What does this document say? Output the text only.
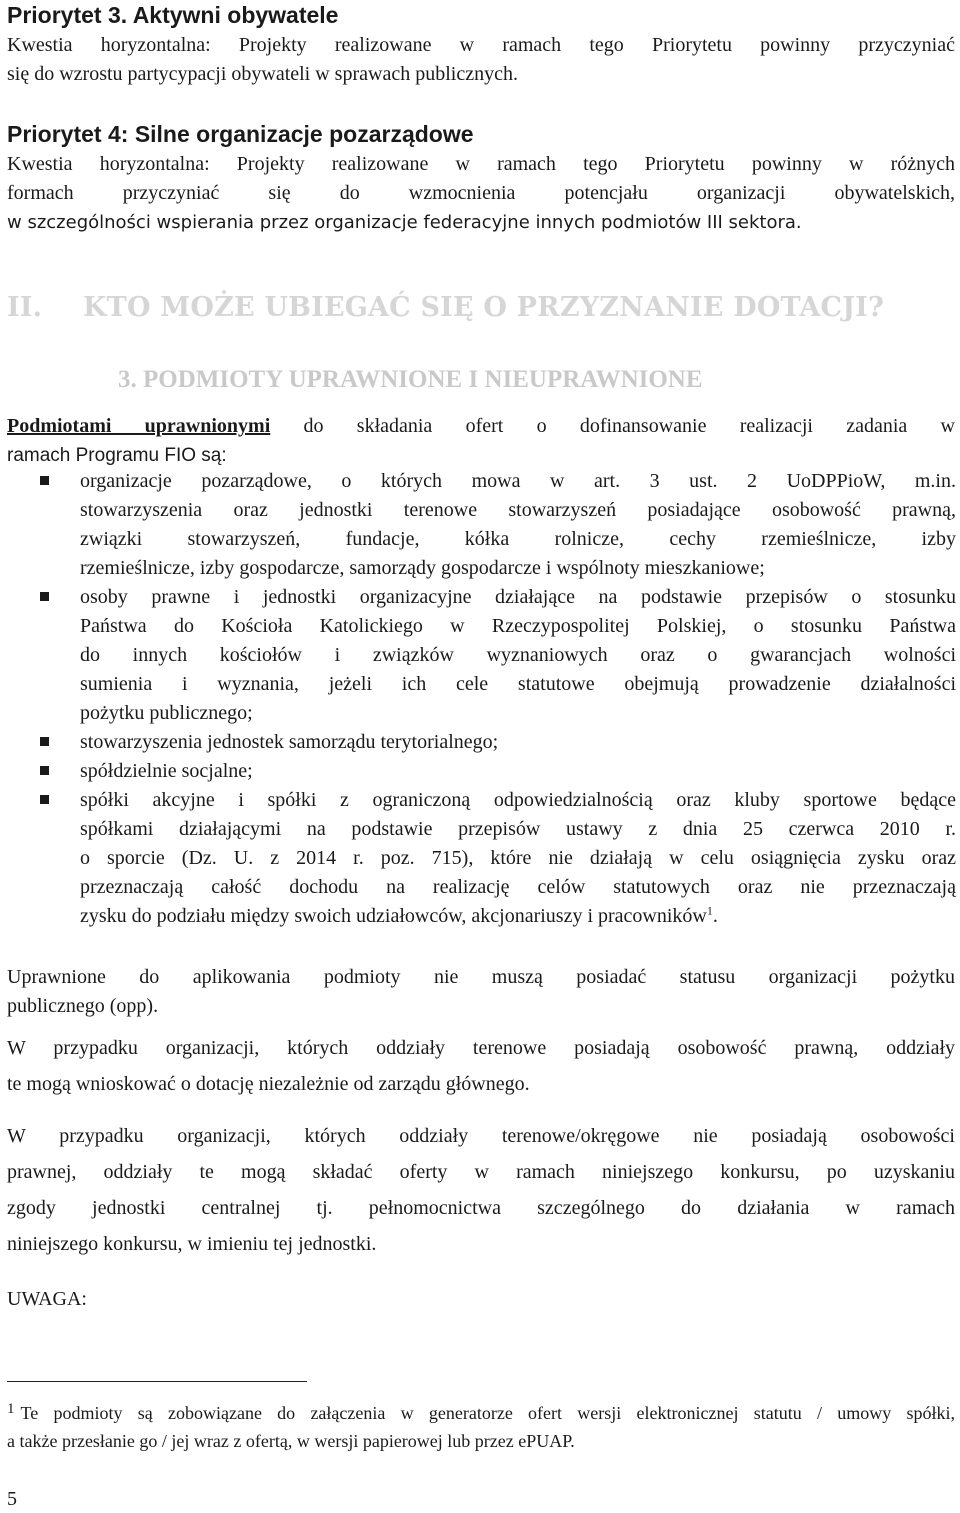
Priorytet 3. Aktywni obywatele

Kwestia horyzontalna: Projekty realizowane w ramach tego Priorytetu powinny przyczyniać

się do wzrostu partycypacji obywateli w sprawach publicznych.

Priorytet 4: Silne organizacje pozarządowe

Kwestia horyzontalna: Projekty realizowane w ramach tego Priorytetu powinny w różnych

formach przyczyniać się do wzmocnienia potencjału organizacji obywatelskich,

w szczególności wspierania przez organizacje federacyjne innych podmiotów III sektora.

II. KTO MOŻE UBIEGAĆ SIĘ O PRZYZNANIE DOTACJI?

3. PODMIOTY UPRAWNIONE I NIEUPRAWNIONE

Podmiotami uprawnionymi do składania ofert o dofinansowanie realizacji zadania w

ramach Programu FIO są:

organizacje pozarządowe, o których mowa w art. 3 ust. 2 UoDPPioW, m.in.
stowarzyszenia oraz jednostki terenowe stowarzyszeń posiadające osobowość prawną,
związki stowarzyszeń, fundacje, kółka rolnicze, cechy rzemieślnicze, izby
rzemieślnicze, izby gospodarcze, samorządy gospodarcze i wspólnoty mieszkaniowe;
osoby prawne i jednostki organizacyjne działające na podstawie przepisów o stosunku
Państwa do Kościoła Katolickiego w Rzeczypospolitej Polskiej, o stosunku Państwa
do innych kościołów i związków wyznaniowych oraz o gwarancjach wolności
sumienia i wyznania, jeżeli ich cele statutowe obejmują prowadzenie działalności
pożytku publicznego;
stowarzyszenia jednostek samorządu terytorialnego;
spółdzielnie socjalne;
spółki akcyjne i spółki z ograniczoną odpowiedzialnością oraz kluby sportowe będące
spółkami działającymi na podstawie przepisów ustawy z dnia 25 czerwca 2010 r.
o sporcie (Dz. U. z 2014 r. poz. 715), które nie działają w celu osiągnięcia zysku oraz
przeznaczają całość dochodu na realizację celów statutowych oraz nie przeznaczają
zysku do podziału między swoich udziałowców, akcjonariuszy i pracowników$^1$.

Uprawnione do aplikowania podmioty nie muszą posiadać statusu organizacji pożytku

publicznego (opp).

W przypadku organizacji, których oddziały terenowe posiadają osobowość prawną, oddziały

te mogą wnioskować o dotację niezależnie od zarządu głównego.

W przypadku organizacji, których oddziały terenowe/okręgowe nie posiadają osobowości

prawnej, oddziały te mogą składać oferty w ramach niniejszego konkursu, po uzyskaniu

zgody jednostki centralnej tj. pełnomocnictwa szczególnego do działania w ramach

niniejszego konkursu, w imieniu tej jednostki.

UWAGA:

$^1$ Te podmioty są zobowiązane do załączenia w generatorze ofert wersji elektronicznej statutu / umowy spółki,
a także przesłanie go / jej wraz z ofertą, w wersji papierowej lub przez ePUAP.

5
